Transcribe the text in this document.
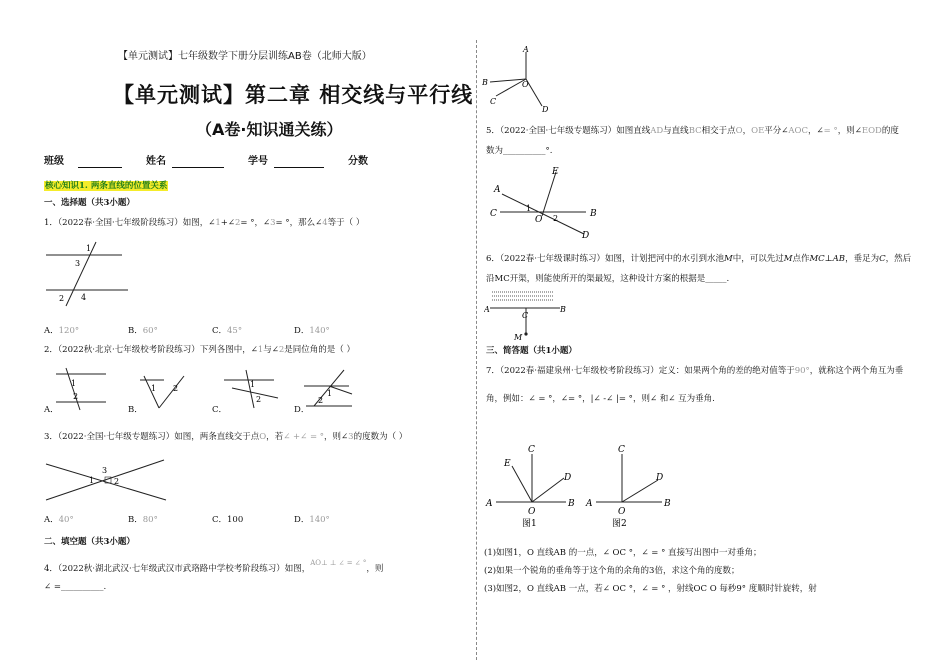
【单元测试】七年级数学下册分层训练AB卷（北师大版）
【单元测试】第二章 相交线与平行线
（A卷·知识通关练）
班级	姓名	学号	分数
核心知识1. 两条直线的位置关系
一、选择题（共3小题）
1．（2022春·全国·七年级阶段练习）如图，∠1+∠2= °，∠3= °，那么∠4等于（ ）
1
3
2 4
A．120°	B．60°	C．45°	D．140°
2．（2022秋·北京·七年级校考阶段练习）下列各图中，∠1与∠2是同位角的是（ ）
1
2
1 2	1
2
1
2
A．	B．	C．	D．
3．（2022·全国·七年级专题练习）如图，两条直线交于点O，若∠ +∠ = °，则∠3的度数为（ ）
3
1 2
A．40°	B．80°	C．100	D．140°
二、填空题（共3小题）
4．（2022秋·湖北武汉·七年级武汉市武珞路中学校考阶段练习）如图，$^{AO\perp \perp \angle = \angle ^\circ}$，则
∠ =__________.
A
B	O
C
D
5．（2022·全国·七年级专题练习）如图直线AD与直线BC相交于点O，OE平分∠AOC，∠= °，则∠EOD的度
数为__________°.
E
A
C
1
O 2	B
D
6．（2022春·七年级课时练习）如图，计划把河中的水引到水池M中，可以先过M点作MC⊥AB，垂足为C，然后
沿MC开渠，则能使所开的渠最短，这种设计方案的根据是_____.
A
C
B
M
三、简答题（共1小题）
7．（2022春·福建泉州·七年级校考阶段练习）定义：如果两个角的差的绝对值等于90°，就称这个两个角互为垂
角，例如：∠ = °，∠= °，|∠ -∠ |= °，则∠ 和∠ 互为垂角.
C
E
D
A
O
B
图1
C
D
A
O
B
图2
(1)如图1，O 直线AB 的一点，∠ OC °，∠ = ° 直接写出图中一对垂角；
(2)如果一个锐角的垂角等于这个角的余角的3倍，求这个角的度数；
(3)如图2，O 直线AB 一点，若∠ OC °，∠ = ° ，射线OC O 每秒9° 度顺时针旋转，射
